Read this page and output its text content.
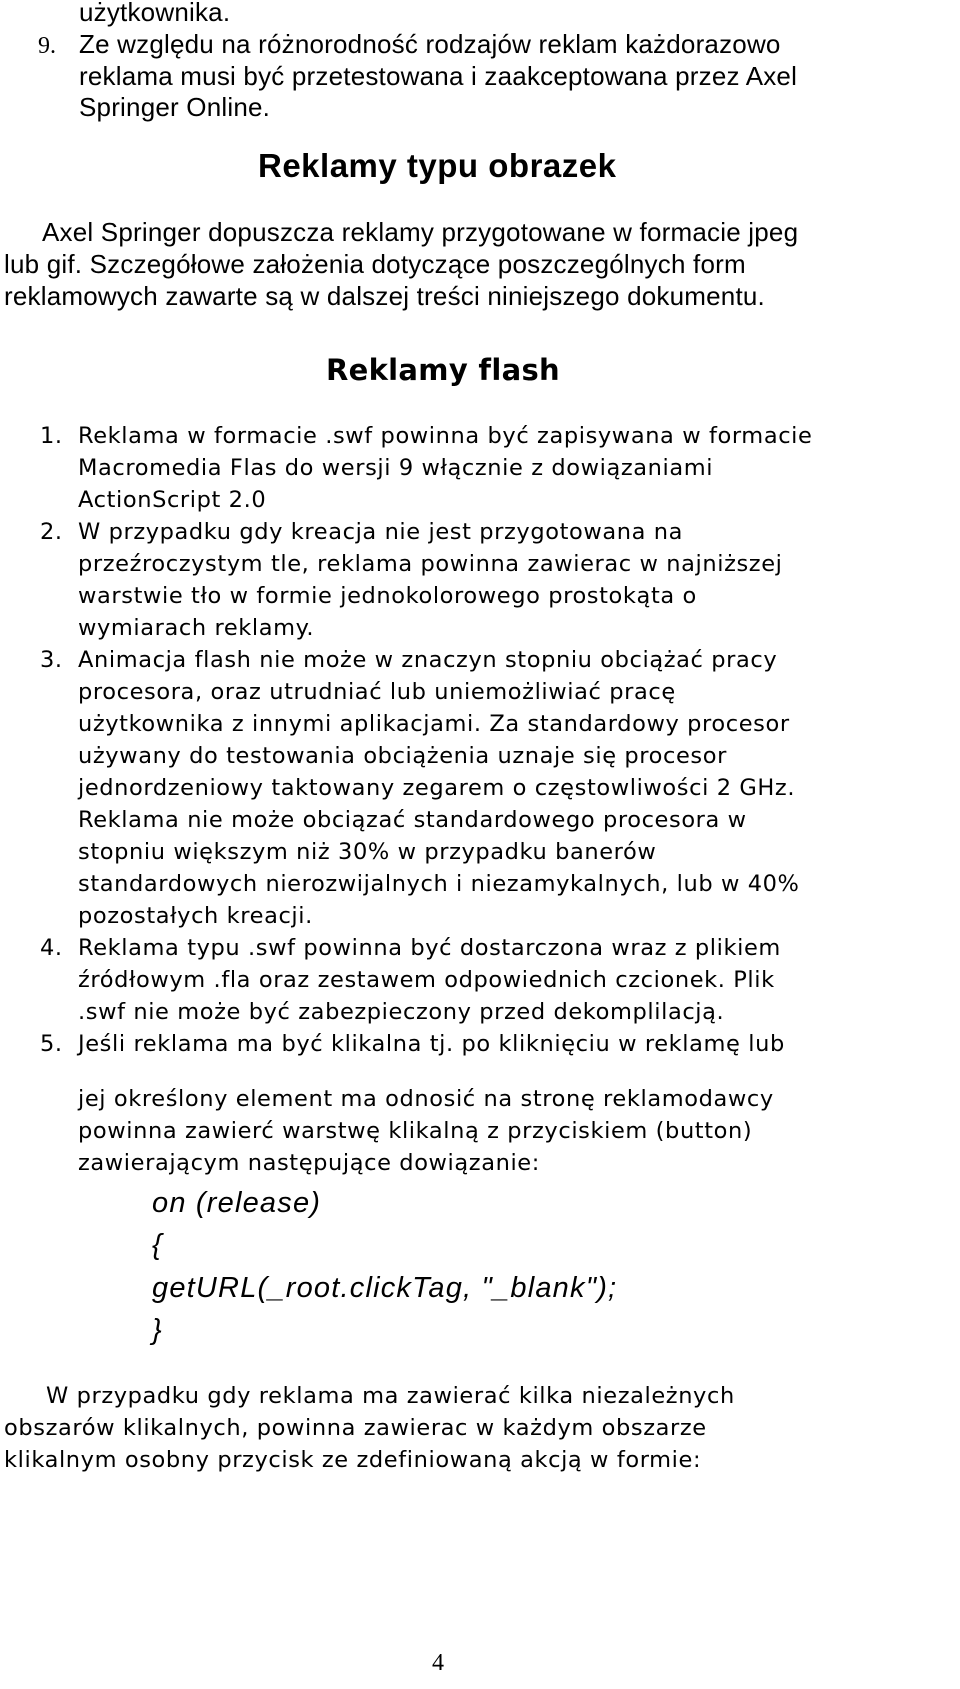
użytkownika.
9. Ze względu na różnorodność rodzajów reklam każdorazowo
reklama musi być przetestowana i zaakceptowana przez Axel
Springer Online.
Reklamy typu obrazek
Axel Springer dopuszcza reklamy przygotowane w formacie jpeg
lub gif. Szczegółowe założenia dotyczące poszczególnych form
reklamowych zawarte są w dalszej treści niniejszego dokumentu.
Reklamy flash
1. Reklama w formacie .swf powinna być zapisywana w formacie
Macromedia Flas do wersji 9 włącznie z dowiązaniami
ActionScript 2.0
2. W przypadku gdy kreacja nie jest przygotowana na
przeźroczystym tle, reklama powinna zawierac w najniższej
warstwie tło w formie jednokolorowego prostokąta o
wymiarach reklamy.
3. Animacja flash nie może w znaczyn stopniu obciążać pracy
procesora, oraz utrudniać lub uniemożliwiać pracę
użytkownika z innymi aplikacjami. Za standardowy procesor
używany do testowania obciążenia uznaje się procesor
jednordzeniowy taktowany zegarem o częstowliwości 2 GHz.
Reklama nie może obciązać standardowego procesora w
stopniu większym niż 30% w przypadku banerów
standardowych nierozwijalnych i niezamykalnych, lub w 40%
pozostałych kreacji.
4. Reklama typu .swf powinna być dostarczona wraz z plikiem
źródłowym .fla oraz zestawem odpowiednich czcionek. Plik
.swf nie może być zabezpieczony przed dekomplilacją.
5. Jeśli reklama ma być klikalna tj. po kliknięciu w reklamę lub
jej określony element ma odnosić na stronę reklamodawcy
powinna zawierć warstwę klikalną z przyciskiem (button)
zawierającym następujące dowiązanie:
on (release)
{
getURL(_root.clickTag, "_blank");
}
W przypadku gdy reklama ma zawierać kilka niezależnych
obszarów klikalnych, powinna zawierac w każdym obszarze
klikalnym osobny przycisk ze zdefiniowaną akcją w formie:
4
